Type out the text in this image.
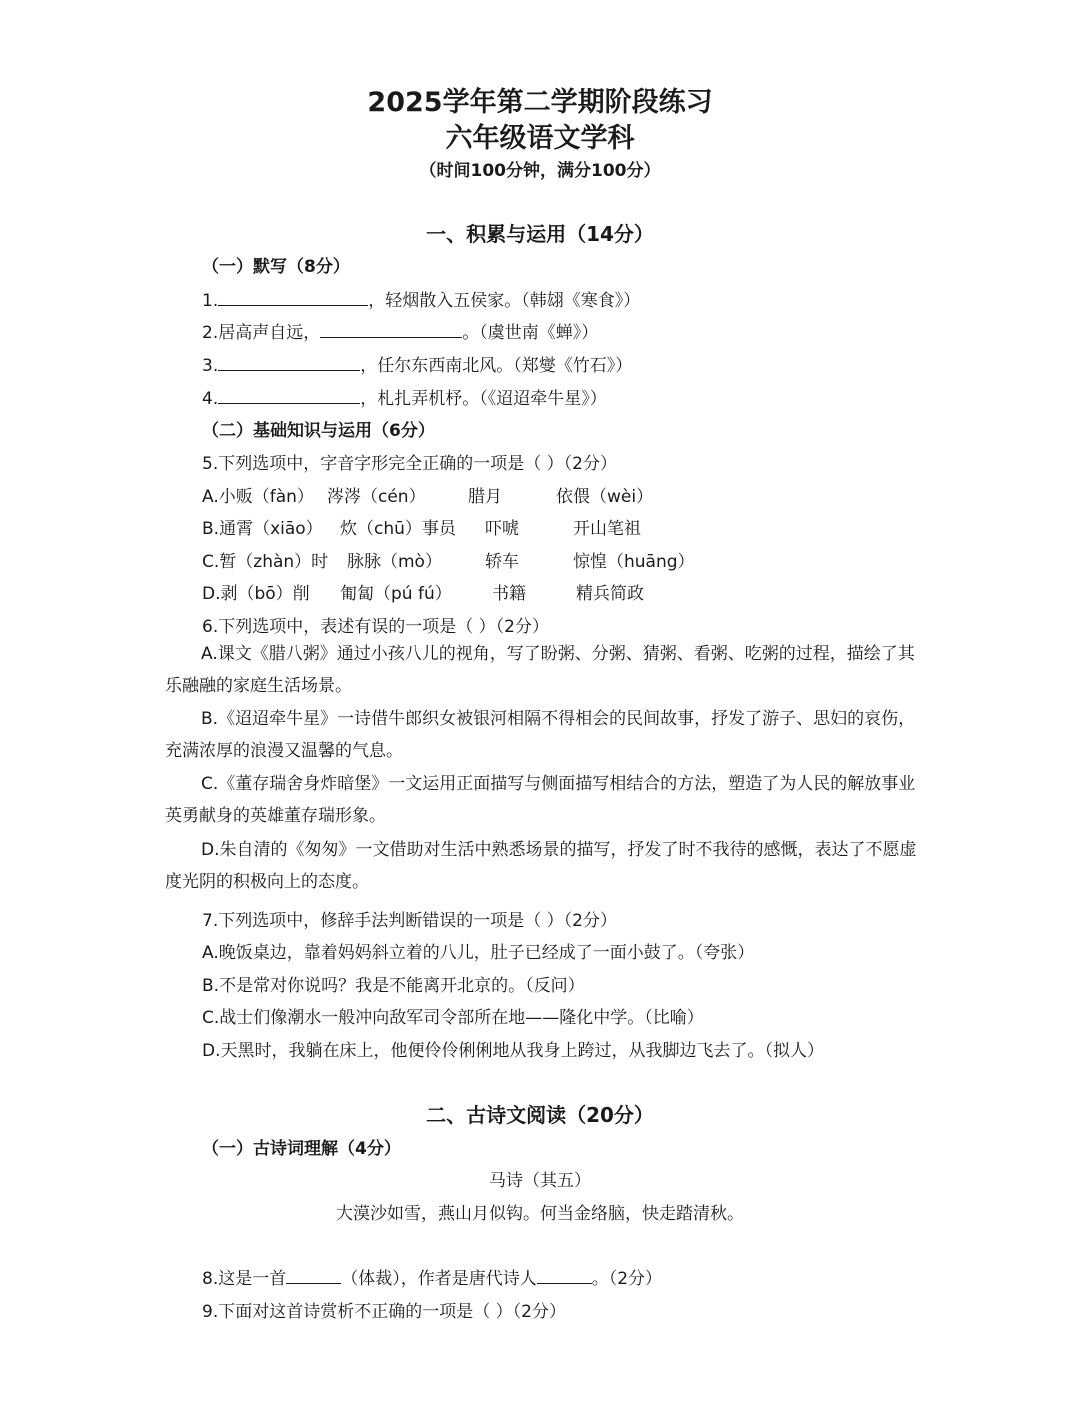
2025学年第二学期阶段练习
六年级语文学科
（时间100分钟，满分100分）
一、积累与运用（14分）
（一）默写（8分）
1.	，轻烟散入五侯家。（韩翃《寒食》）
2.居高声自远，	。（虞世南《蝉》）
3.	，任尔东西南北风。（郑燮《竹石》）
4.	，札扎弄机杼。（《迢迢牵牛星》）
（二）基础知识与运用（6分）
5.下列选项中，字音字形完全正确的一项是（ ）（2分）
A.小贩（fàn） 涔涔（cén） 腊月	依偎（wèi）
B.通霄（xiāo） 炊（chū）事员 吓唬	开山笔祖
C.暂（zhàn）时 脉脉（mò）	轿车	惊惶（huāng）
D.剥（bō）削 匍匐（pú fú） 书籍	精兵简政
6.下列选项中，表述有误的一项是（ ）（2分）
A.课文《腊八粥》通过小孩八儿的视角，写了盼粥、分粥、猜粥、看粥、吃粥的过程，描绘了其乐融融的家庭生活场景。
B.《迢迢牵牛星》一诗借牛郎织女被银河相隔不得相会的民间故事，抒发了游子、思妇的哀伤，充满浓厚的浪漫又温馨的气息。
C.《董存瑞舍身炸暗堡》一文运用正面描写与侧面描写相结合的方法，塑造了为人民的解放事业英勇献身的英雄董存瑞形象。
D.朱自清的《匆匆》一文借助对生活中熟悉场景的描写，抒发了时不我待的感慨，表达了不愿虚度光阴的积极向上的态度。
7.下列选项中，修辞手法判断错误的一项是（ ）（2分）
A.晚饭桌边，靠着妈妈斜立着的八儿，肚子已经成了一面小鼓了。（夸张）
B.不是常对你说吗？我是不能离开北京的。（反问）
C.战士们像潮水一般冲向敌军司令部所在地——隆化中学。（比喻）
D.天黑时，我躺在床上，他便伶伶俐俐地从我身上跨过，从我脚边飞去了。（拟人）
二、古诗文阅读（20分）
（一）古诗词理解（4分）
马诗（其五）
大漠沙如雪，燕山月似钩。何当金络脑，快走踏清秋。
8.这是一首	（体裁），作者是唐代诗人	。（2分）
9.下面对这首诗赏析不正确的一项是（ ）（2分）
